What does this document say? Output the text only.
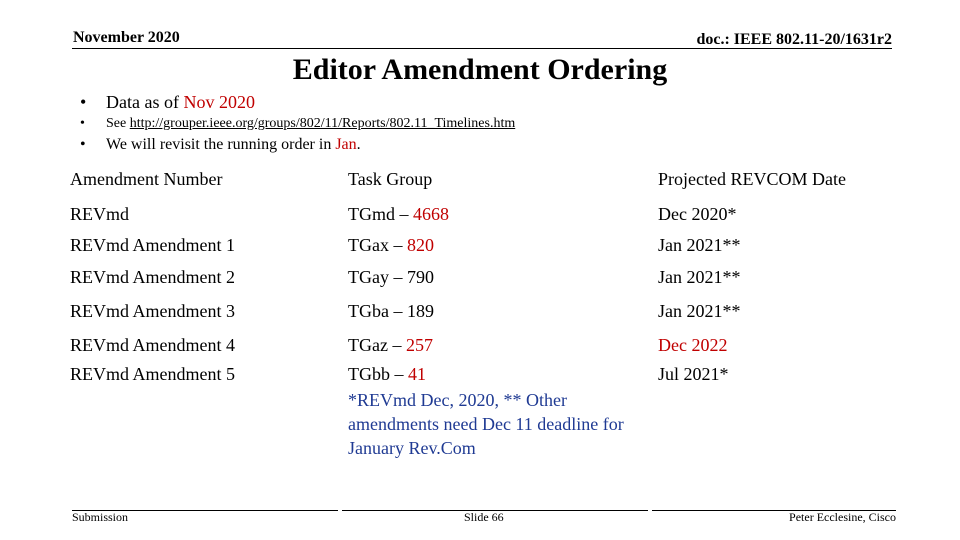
November 2020	doc.: IEEE 802.11-20/1631r2
Editor Amendment Ordering
• Data as of Nov 2020
• See http://grouper.ieee.org/groups/802/11/Reports/802.11_Timelines.htm
• We will revisit the running order in Jan.
Amendment Number	Task Group	Projected REVCOM Date
REVmd	TGmd – 4668	Dec 2020*
REVmd Amendment 1	TGax – 820	Jan 2021**
REVmd Amendment 2	TGay – 790	Jan 2021**
REVmd Amendment 3	TGba – 189	Jan 2021**
REVmd Amendment 4	TGaz – 257	Dec 2022
REVmd Amendment 5	TGbb – 41	Jul 2021*
*REVmd Dec, 2020, ** Other amendments need Dec 11 deadline for January Rev.Com
Submission	Slide 66	Peter Ecclesine, Cisco
